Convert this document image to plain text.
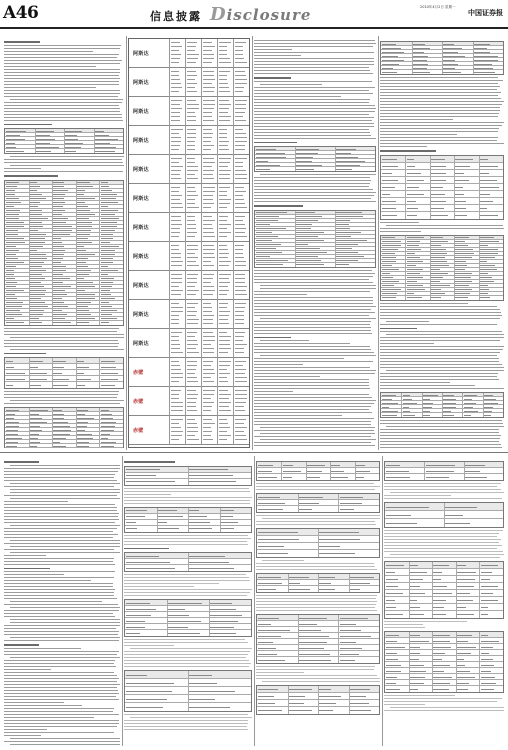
A46	信息披露 Disclosure	2010年4月2日 星期一
中国证券报
阿斯达
阿斯达
阿斯达
阿斯达
阿斯达
阿斯达
阿斯达
阿斯达
阿斯达
阿斯达
阿斯达
赤壁
赤壁
赤壁
